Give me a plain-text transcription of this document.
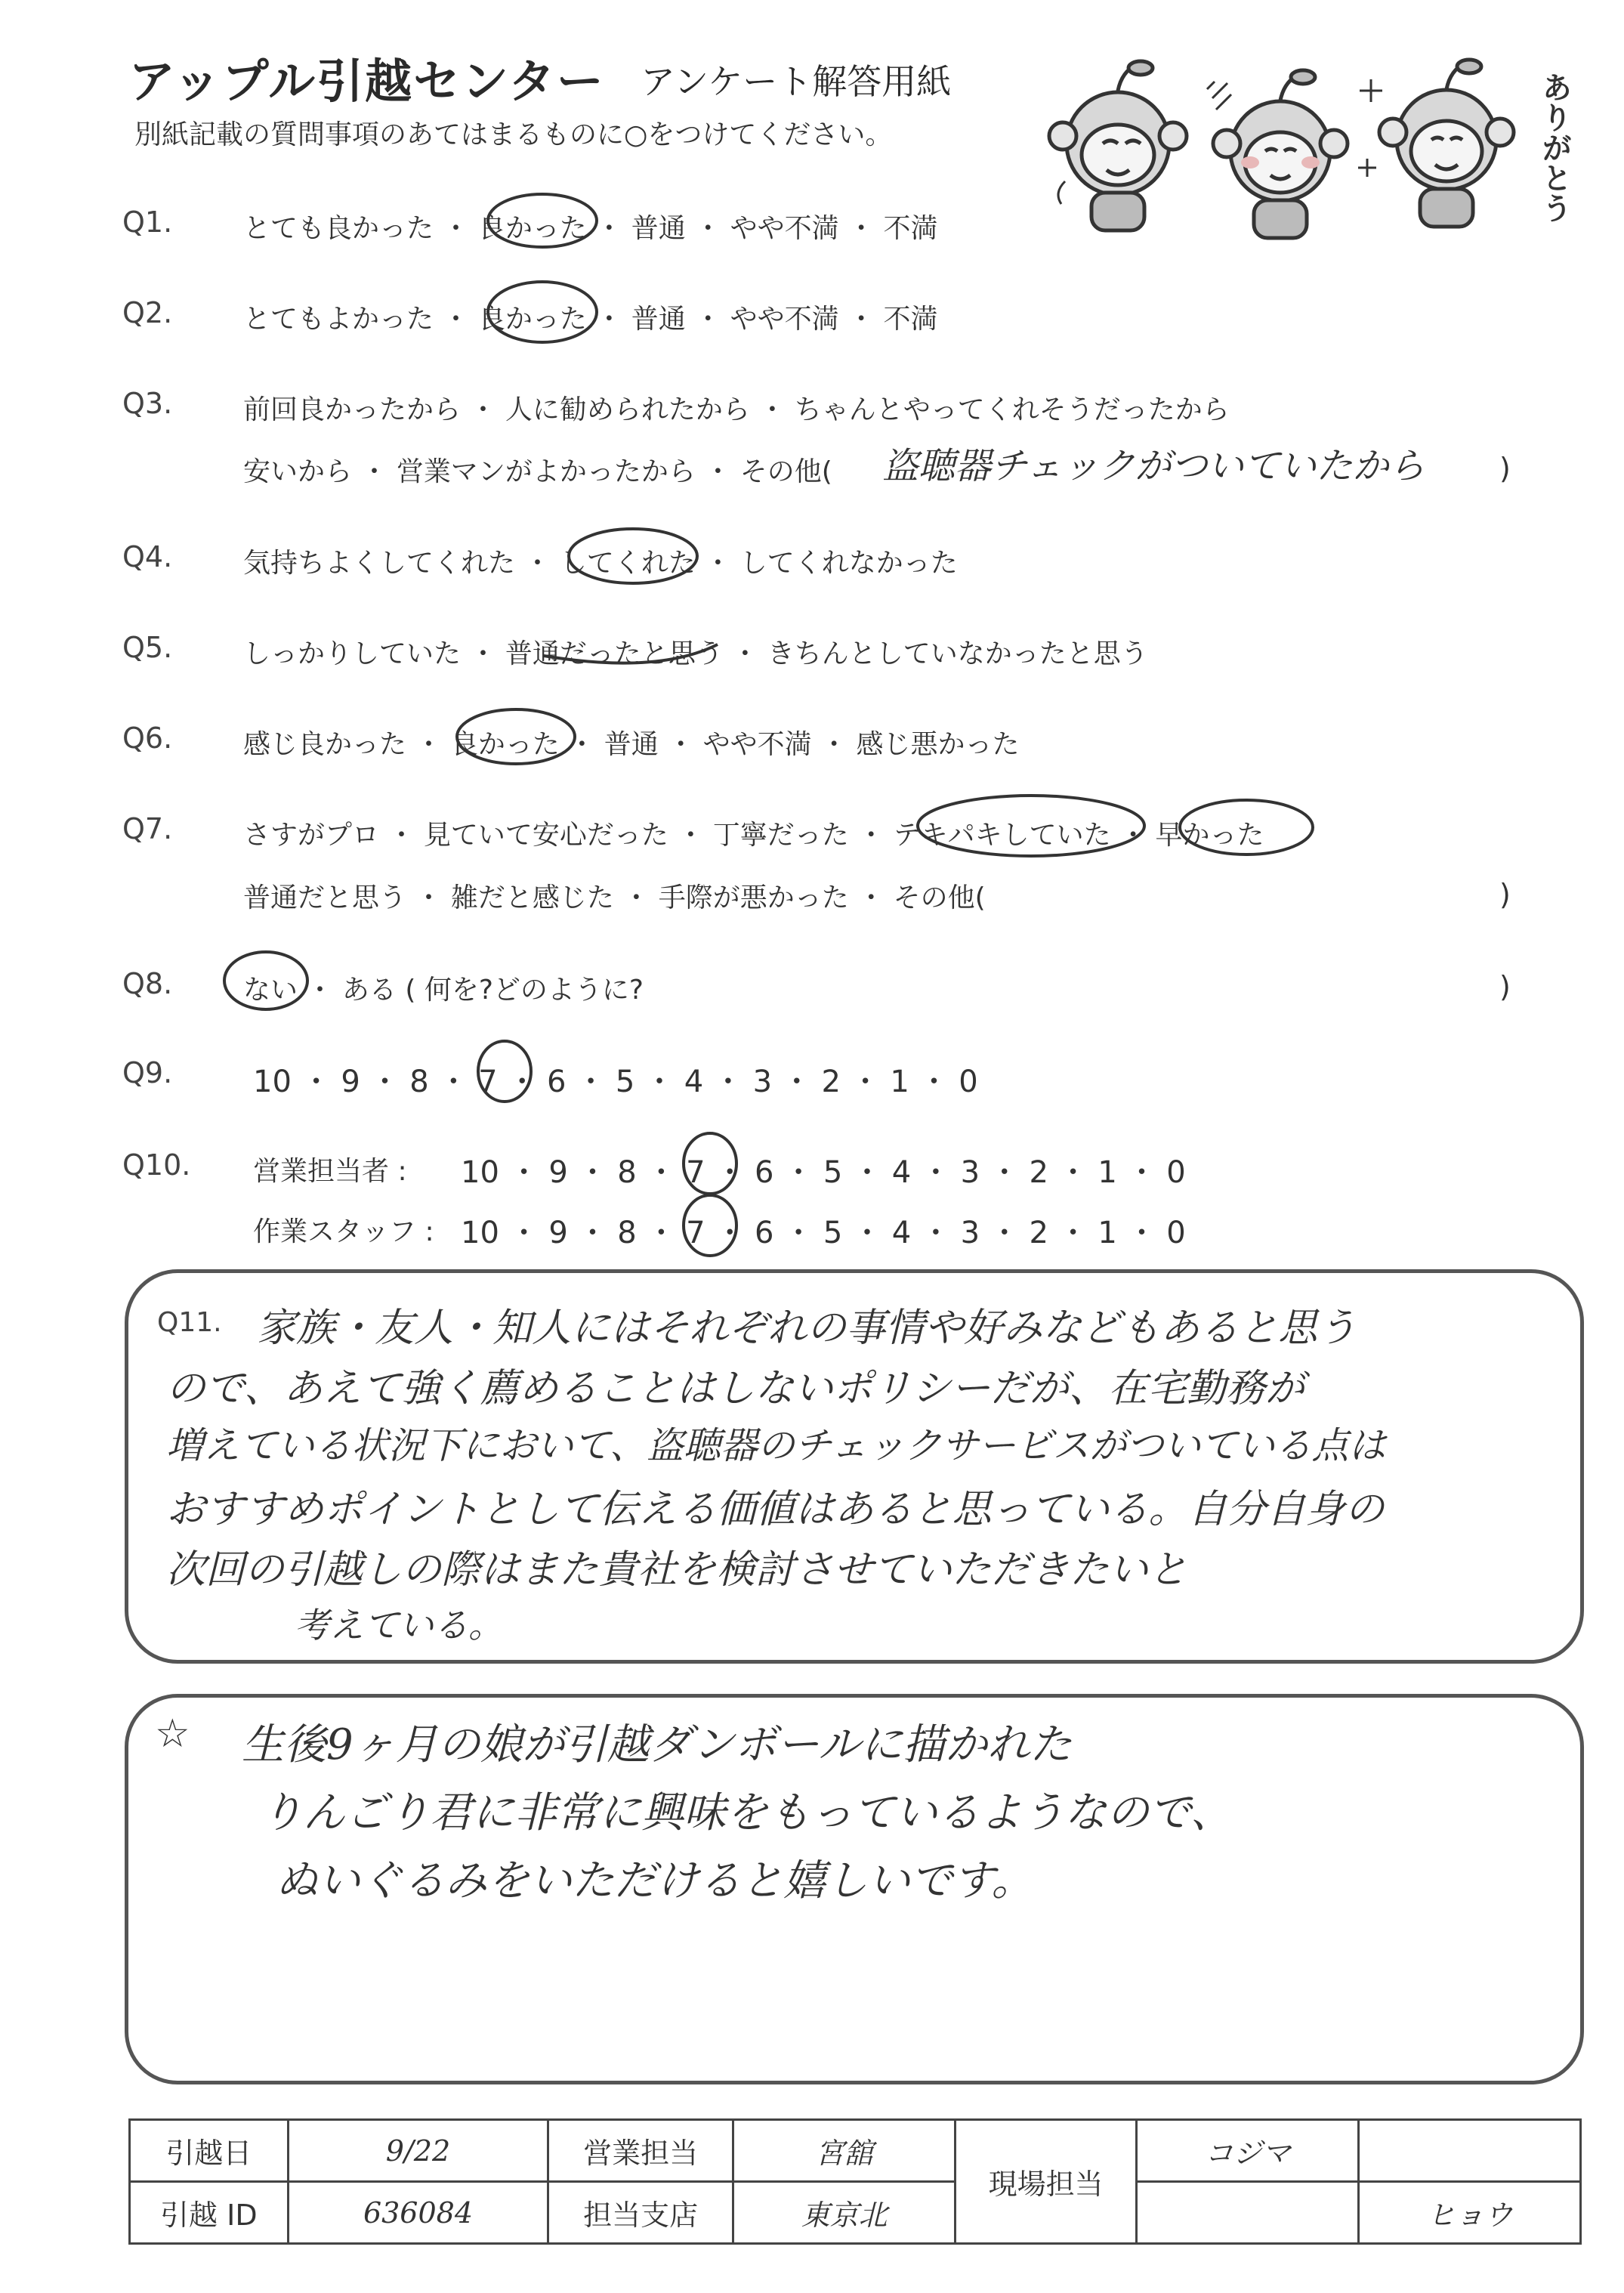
アップル引越センター アンケート解答用紙
別紙記載の質問事項のあてはまるものに○をつけてください。	ありがとう
Q1.	とても良かった ・ 良かった ・ 普通 ・ やや不満 ・ 不満
Q2.	とてもよかった ・ 良かった ・ 普通 ・ やや不満 ・ 不満
Q3.	前回良かったから ・ 人に勧められたから ・ ちゃんとやってくれそうだったから
安いから ・ 営業マンがよかったから ・ その他( 盗聴器チェックがついていたから	)
Q4.	気持ちよくしてくれた ・ してくれた ・ してくれなかった
Q5.	しっかりしていた ・ 普通だったと思う ・ きちんとしていなかったと思う
Q6.	感じ良かった ・ 良かった ・ 普通 ・ やや不満 ・ 感じ悪かった
Q7.	さすがプロ ・ 見ていて安心だった ・ 丁寧だった ・ テキパキしていた ・ 早かった
普通だと思う ・ 雑だと感じた ・ 手際が悪かった ・ その他(	)
Q8.	ない ・ ある ( 何を?どのように?	)
Q9.	10 ・ 9 ・ 8 ・ 7 ・ 6 ・ 5 ・ 4 ・ 3 ・ 2 ・ 1 ・ 0
Q10. 営業担当者 : 10 ・ 9 ・ 8 ・ 7 ・ 6 ・ 5 ・ 4 ・ 3 ・ 2 ・ 1 ・ 0
作業スタッフ : 10 ・ 9 ・ 8 ・ 7 ・ 6 ・ 5 ・ 4 ・ 3 ・ 2 ・ 1 ・ 0
Q11. 家族・友人・知人にはそれぞれの事情や好みなどもあると思う
ので、あえて強く薦めることはしないポリシーだが、在宅勤務が
増えている状況下において、盗聴器のチェックサービスがついている点は
おすすめポイントとして伝える価値はあると思っている。自分自身の
次回の引越しの際はまた貴社を検討させていただきたいと
考えている。
☆ 生後9ヶ月の娘が引越ダンボールに描かれた
りんごり君に非常に興味をもっているようなので、
ぬいぐるみをいただけると嬉しいです。
引越日	9/22	営業担当	宮舘	現場担当	コジマ	
引越 ID	636084	担当支店	東京北			ヒョウ
